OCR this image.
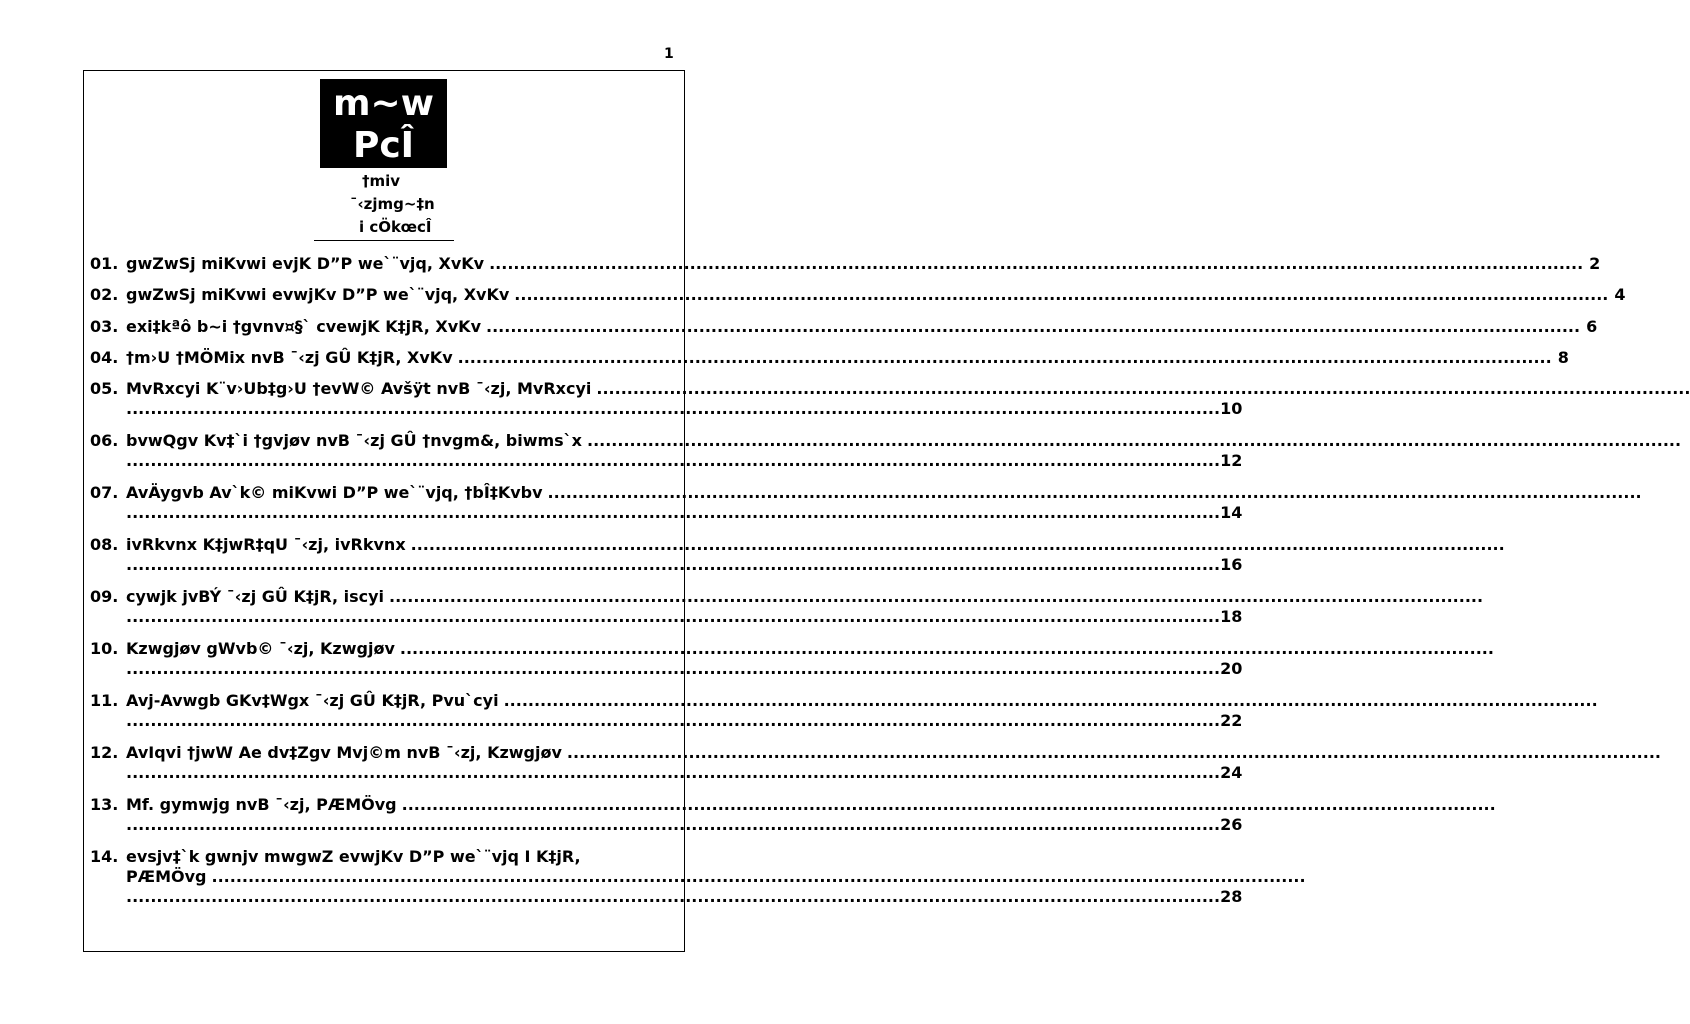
1
m~w
PcÎ
†miv
¯‹zjmg~‡n
i cÖkœcÎ
01. gwZwSj miKvwi evjK D”P we`¨vjq, XvKv .................................................................................................................................................................................... 2
02. gwZwSj miKvwi evwjKv D”P we`¨vjq, XvKv .................................................................................................................................................................................... 4
03. exi‡kªô b~i †gvnv¤§` cvewjK K‡jR, XvKv .................................................................................................................................................................................... 6
04. †m›U †MÖMix nvB ¯‹zj GÛ K‡jR, XvKv .................................................................................................................................................................................... 8
05. MvRxcyi K¨v›Ub‡g›U †evW© Avšÿt nvB ¯‹zj, MvRxcyi ....................................................................................................................................................................................
.................................................................................................................................................................................... 10
06. bvwQgv Kv‡`i †gvjøv nvB ¯‹zj GÛ †nvgm&, biwms`x ....................................................................................................................................................................................
.................................................................................................................................................................................... 12
07. AvÄygvb Av`k© miKvwi D”P we`¨vjq, †bÎ‡Kvbv ....................................................................................................................................................................................
.................................................................................................................................................................................... 14
08. ivRkvnx K‡jwR‡qU ¯‹zj, ivRkvnx ....................................................................................................................................................................................
.................................................................................................................................................................................... 16
09. cywjk jvBÝ ¯‹zj GÛ K‡jR, iscyi ....................................................................................................................................................................................
.................................................................................................................................................................................... 18
10. Kzwgjøv gWvb© ¯‹zj, Kzwgjøv ....................................................................................................................................................................................
.................................................................................................................................................................................... 20
11. Avj-Avwgb GKv‡Wgx ¯‹zj GÛ K‡jR, Pvu`cyi ....................................................................................................................................................................................
.................................................................................................................................................................................... 22
12. AvIqvi †jwW Ae dv‡Zgv Mvj©m nvB ¯‹zj, Kzwgjøv ....................................................................................................................................................................................
.................................................................................................................................................................................... 24
13. Mf. gymwjg nvB ¯‹zj, PÆMÖvg ....................................................................................................................................................................................
.................................................................................................................................................................................... 26
14. evsjv‡`k gwnjv mwgwZ evwjKv D”P we`¨vjq I K‡jR,
PÆMÖvg ....................................................................................................................................................................................
.................................................................................................................................................................................... 28
